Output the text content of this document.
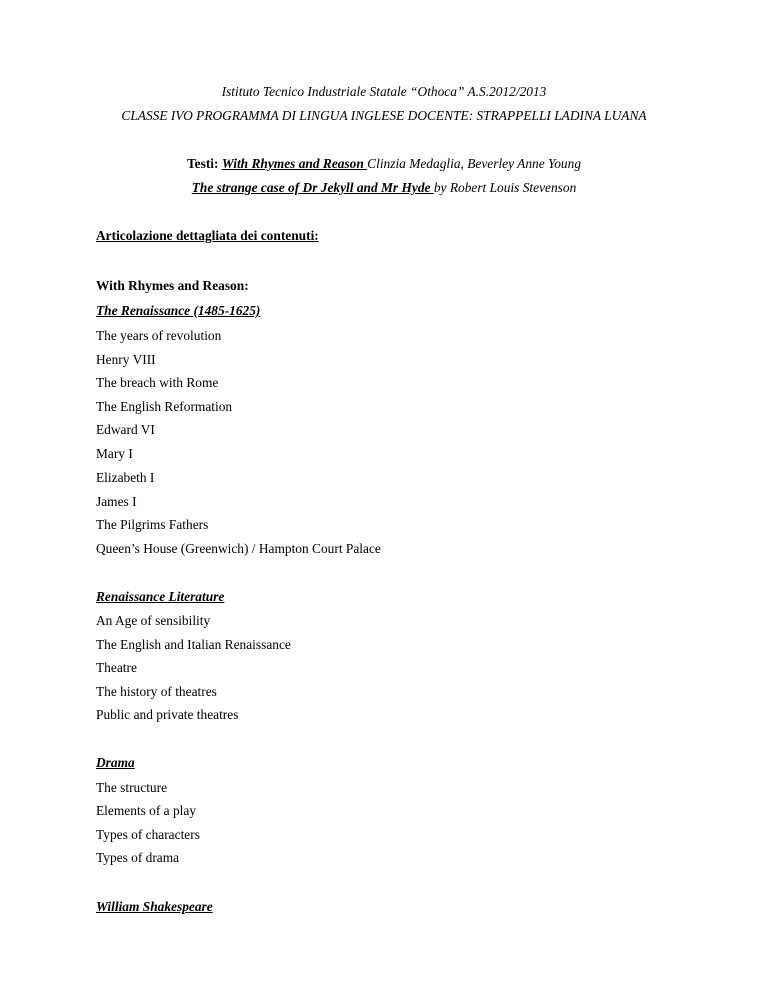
Istituto Tecnico Industriale Statale “Othoca” A.S.2012/2013
CLASSE IVO PROGRAMMA DI LINGUA INGLESE DOCENTE: STRAPPELLI LADINA LUANA
Testi: With Rhymes and Reason Clinzia Medaglia, Beverley Anne Young
The strange case of Dr Jekyll and Mr Hyde by Robert Louis Stevenson
Articolazione dettagliata dei contenuti:
With Rhymes and Reason:
The Renaissance (1485-1625)
The years of revolution
Henry VIII
The breach with Rome
The English Reformation
Edward VI
Mary I
Elizabeth I
James I
The Pilgrims Fathers
Queen’s House (Greenwich) / Hampton Court Palace
Renaissance Literature
An Age of sensibility
The English and Italian Renaissance
Theatre
The history of theatres
Public and private theatres
Drama
The structure
Elements of a play
Types of characters
Types of drama
William Shakespeare
